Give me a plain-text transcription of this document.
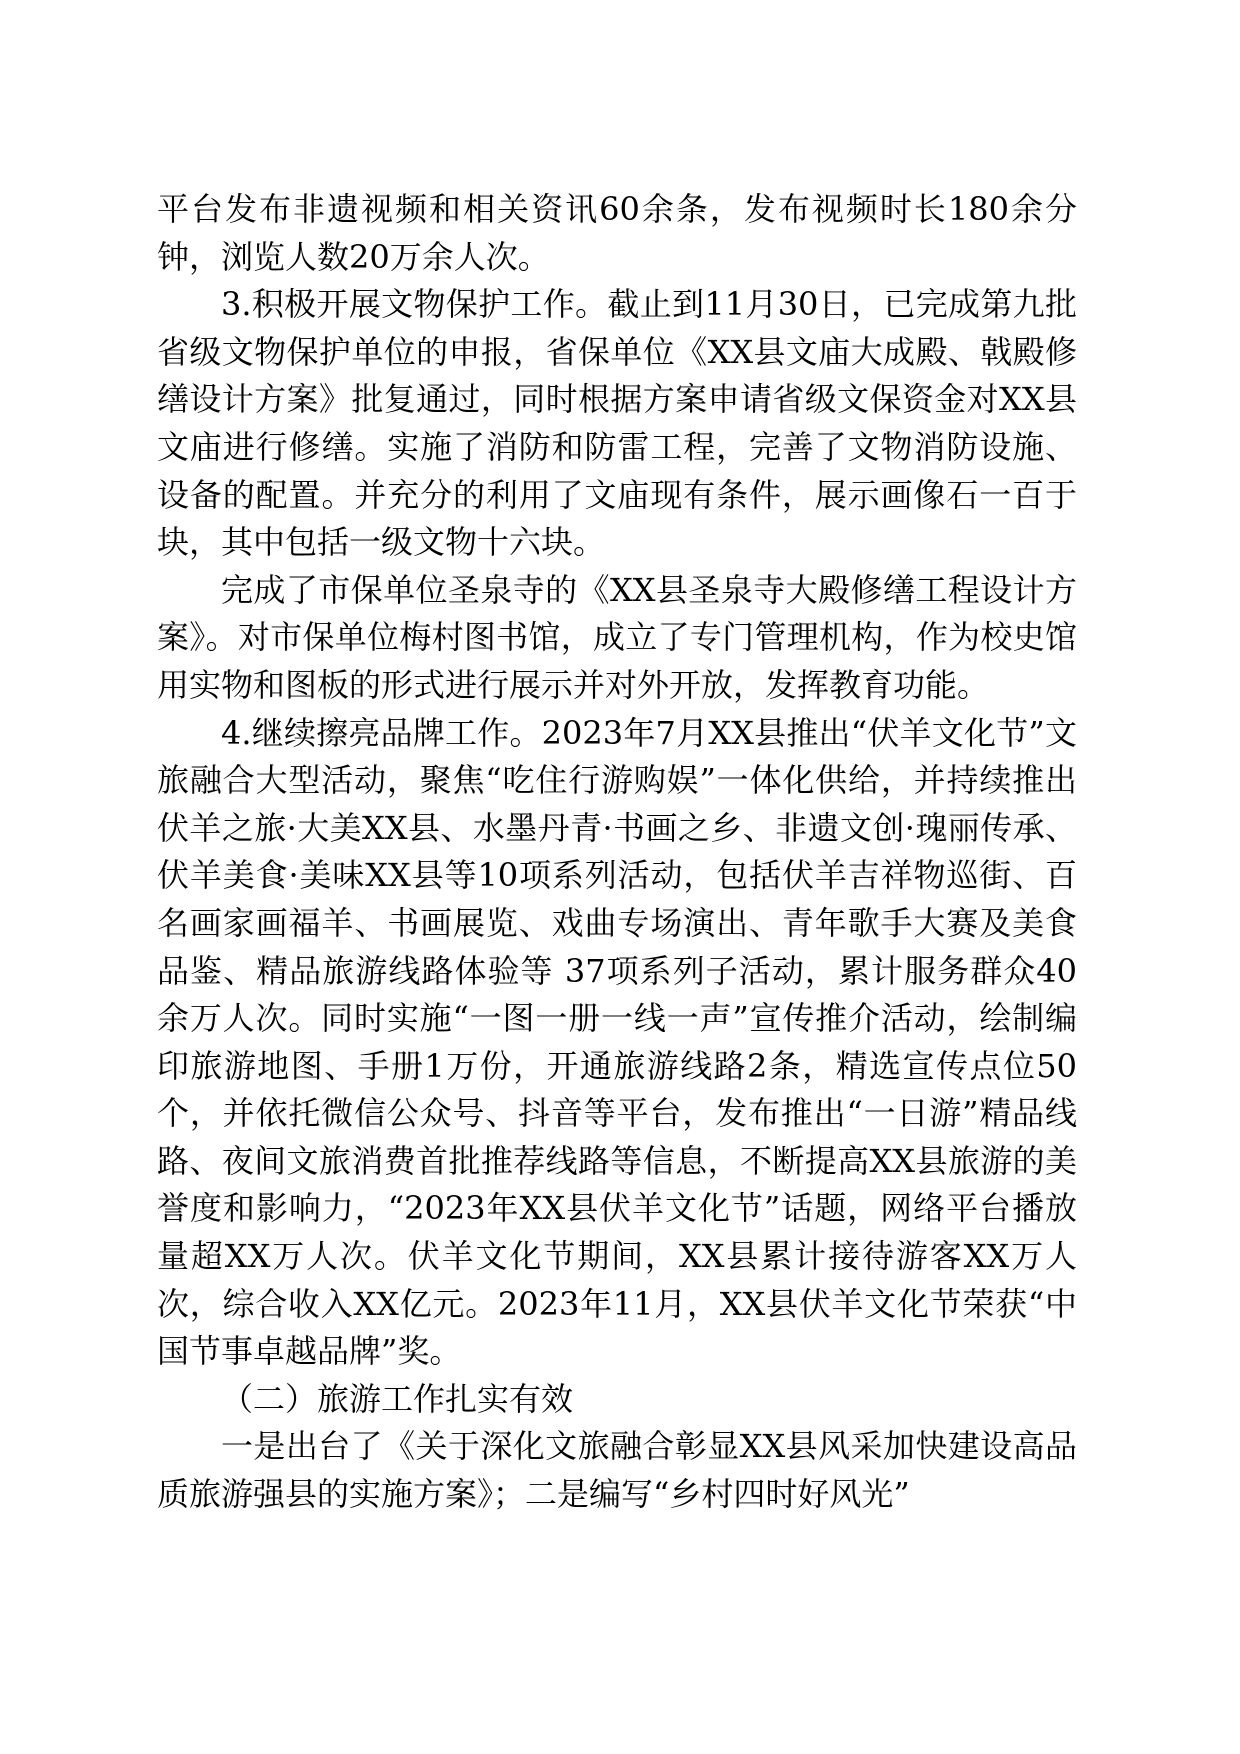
平台发布非遗视频和相关资讯60余条，发布视频时长180余分钟，浏览人数20万余人次。

3.积极开展文物保护工作。截止到11月30日，已完成第九批省级文物保护单位的申报，省保单位《XX县文庙大成殿、戟殿修缮设计方案》批复通过，同时根据方案申请省级文保资金对XX县文庙进行修缮。实施了消防和防雷工程，完善了文物消防设施、设备的配置。并充分的利用了文庙现有条件，展示画像石一百于块，其中包括一级文物十六块。

完成了市保单位圣泉寺的《XX县圣泉寺大殿修缮工程设计方案》。对市保单位梅村图书馆，成立了专门管理机构，作为校史馆用实物和图板的形式进行展示并对外开放，发挥教育功能。

4.继续擦亮品牌工作。2023年7月XX县推出“伏羊文化节”文旅融合大型活动，聚焦“吃住行游购娱”一体化供给，并持续推出伏羊之旅·大美XX县、水墨丹青·书画之乡、非遗文创·瑰丽传承、伏羊美食·美味XX县等10项系列活动，包括伏羊吉祥物巡街、百名画家画福羊、书画展览、戏曲专场演出、青年歌手大赛及美食品鉴、精品旅游线路体验等 37项系列子活动，累计服务群众40余万人次。同时实施“一图一册一线一声”宣传推介活动，绘制编印旅游地图、手册1万份，开通旅游线路2条，精选宣传点位50个，并依托微信公众号、抖音等平台，发布推出“一日游”精品线路、夜间文旅消费首批推荐线路等信息，不断提高XX县旅游的美誉度和影响力，“2023年XX县伏羊文化节”话题，网络平台播放量超XX万人次。伏羊文化节期间，XX县累计接待游客XX万人次，综合收入XX亿元。2023年11月，XX县伏羊文化节荣获“中国节事卓越品牌”奖。

（二）旅游工作扎实有效

一是出台了《关于深化文旅融合彰显XX县风采加快建设高品质旅游强县的实施方案》；二是编写“乡村四时好风光”
